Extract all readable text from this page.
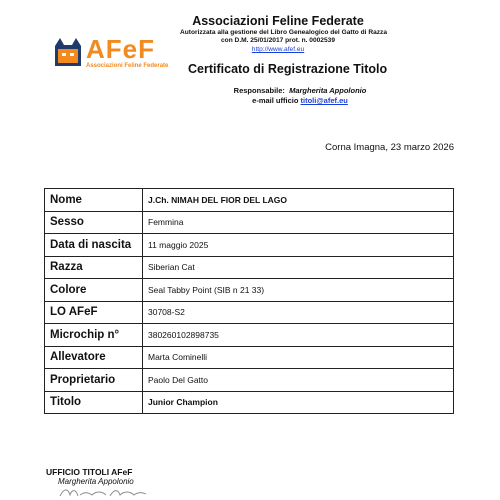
AFeF
Associazioni Feline Federate
Associazioni Feline Federate
Autorizzata alla gestione del Libro Genealogico del Gatto di Razza
con D.M. 25/01/2017 prot. n. 0002539
http://www.afef.eu
Certificato di Registrazione Titolo
Responsabile: Margherita Appolonio
e-mail ufficio titoli@afef.eu
Corna Imagna, 23 marzo 2026
Nome	J.Ch. NIMAH DEL FIOR DEL LAGO
Sesso	Femmina
Data di nascita	11 maggio 2025
Razza	Siberian Cat
Colore	Seal Tabby Point (SIB n 21 33)
LO AFeF	30708-S2
Microchip n°	380260102898735
Allevatore	Marta Cominelli
Proprietario	Paolo Del Gatto
Titolo	Junior Champion
UFFICIO TITOLI AFeF
Margherita Appolonio
